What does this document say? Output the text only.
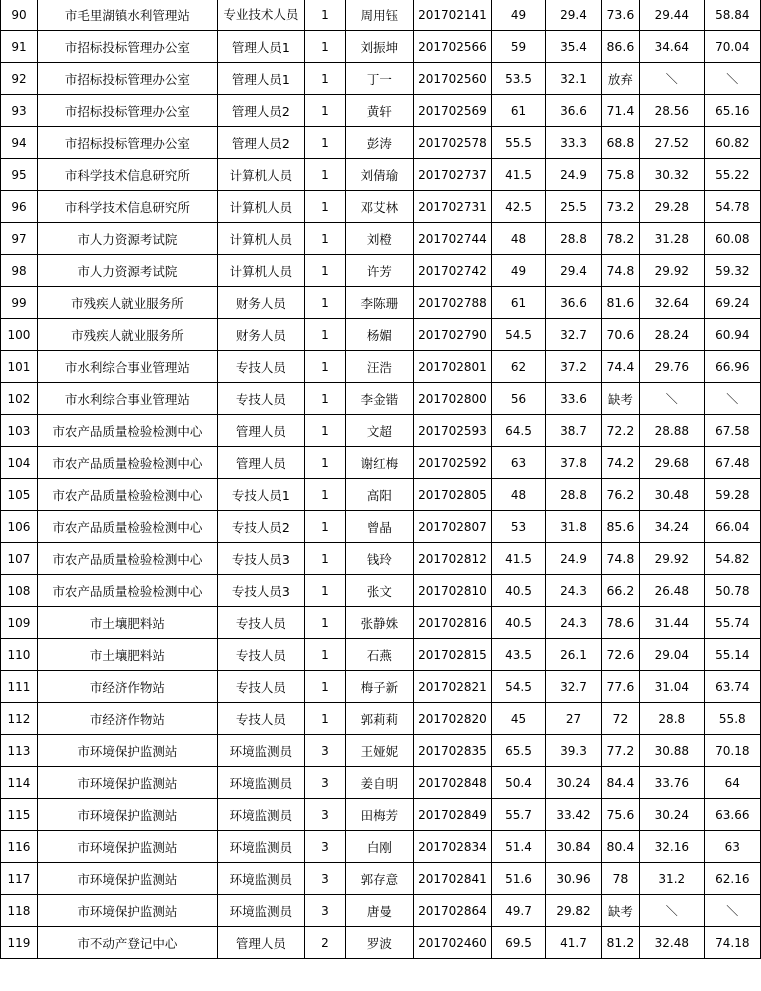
90	市毛里湖镇水利管理站	专业技术人员	1	周用钰	201702141	49	29.4	73.6	29.44	58.84
91	市招标投标管理办公室	管理人员1	1	刘振坤	201702566	59	35.4	86.6	34.64	70.04
92	市招标投标管理办公室	管理人员1	1	丁一	201702560	53.5	32.1	放弃	＼	＼
93	市招标投标管理办公室	管理人员2	1	黄轩	201702569	61	36.6	71.4	28.56	65.16
94	市招标投标管理办公室	管理人员2	1	彭涛	201702578	55.5	33.3	68.8	27.52	60.82
95	市科学技术信息研究所	计算机人员	1	刘倩瑜	201702737	41.5	24.9	75.8	30.32	55.22
96	市科学技术信息研究所	计算机人员	1	邓艾林	201702731	42.5	25.5	73.2	29.28	54.78
97	市人力资源考试院	计算机人员	1	刘橙	201702744	48	28.8	78.2	31.28	60.08
98	市人力资源考试院	计算机人员	1	许芳	201702742	49	29.4	74.8	29.92	59.32
99	市残疾人就业服务所	财务人员	1	李陈珊	201702788	61	36.6	81.6	32.64	69.24
100	市残疾人就业服务所	财务人员	1	杨媚	201702790	54.5	32.7	70.6	28.24	60.94
101	市水利综合事业管理站	专技人员	1	汪浩	201702801	62	37.2	74.4	29.76	66.96
102	市水利综合事业管理站	专技人员	1	李金锴	201702800	56	33.6	缺考	＼	＼
103	市农产品质量检验检测中心	管理人员	1	文超	201702593	64.5	38.7	72.2	28.88	67.58
104	市农产品质量检验检测中心	管理人员	1	谢红梅	201702592	63	37.8	74.2	29.68	67.48
105	市农产品质量检验检测中心	专技人员1	1	高阳	201702805	48	28.8	76.2	30.48	59.28
106	市农产品质量检验检测中心	专技人员2	1	曾晶	201702807	53	31.8	85.6	34.24	66.04
107	市农产品质量检验检测中心	专技人员3	1	钱玲	201702812	41.5	24.9	74.8	29.92	54.82
108	市农产品质量检验检测中心	专技人员3	1	张文	201702810	40.5	24.3	66.2	26.48	50.78
109	市土壤肥料站	专技人员	1	张静姝	201702816	40.5	24.3	78.6	31.44	55.74
110	市土壤肥料站	专技人员	1	石燕	201702815	43.5	26.1	72.6	29.04	55.14
111	市经济作物站	专技人员	1	梅子新	201702821	54.5	32.7	77.6	31.04	63.74
112	市经济作物站	专技人员	1	郭莉莉	201702820	45	27	72	28.8	55.8
113	市环境保护监测站	环境监测员	3	王娅妮	201702835	65.5	39.3	77.2	30.88	70.18
114	市环境保护监测站	环境监测员	3	姜自明	201702848	50.4	30.24	84.4	33.76	64
115	市环境保护监测站	环境监测员	3	田梅芳	201702849	55.7	33.42	75.6	30.24	63.66
116	市环境保护监测站	环境监测员	3	白刚	201702834	51.4	30.84	80.4	32.16	63
117	市环境保护监测站	环境监测员	3	郭存意	201702841	51.6	30.96	78	31.2	62.16
118	市环境保护监测站	环境监测员	3	唐曼	201702864	49.7	29.82	缺考	＼	＼
119	市不动产登记中心	管理人员	2	罗波	201702460	69.5	41.7	81.2	32.48	74.18
